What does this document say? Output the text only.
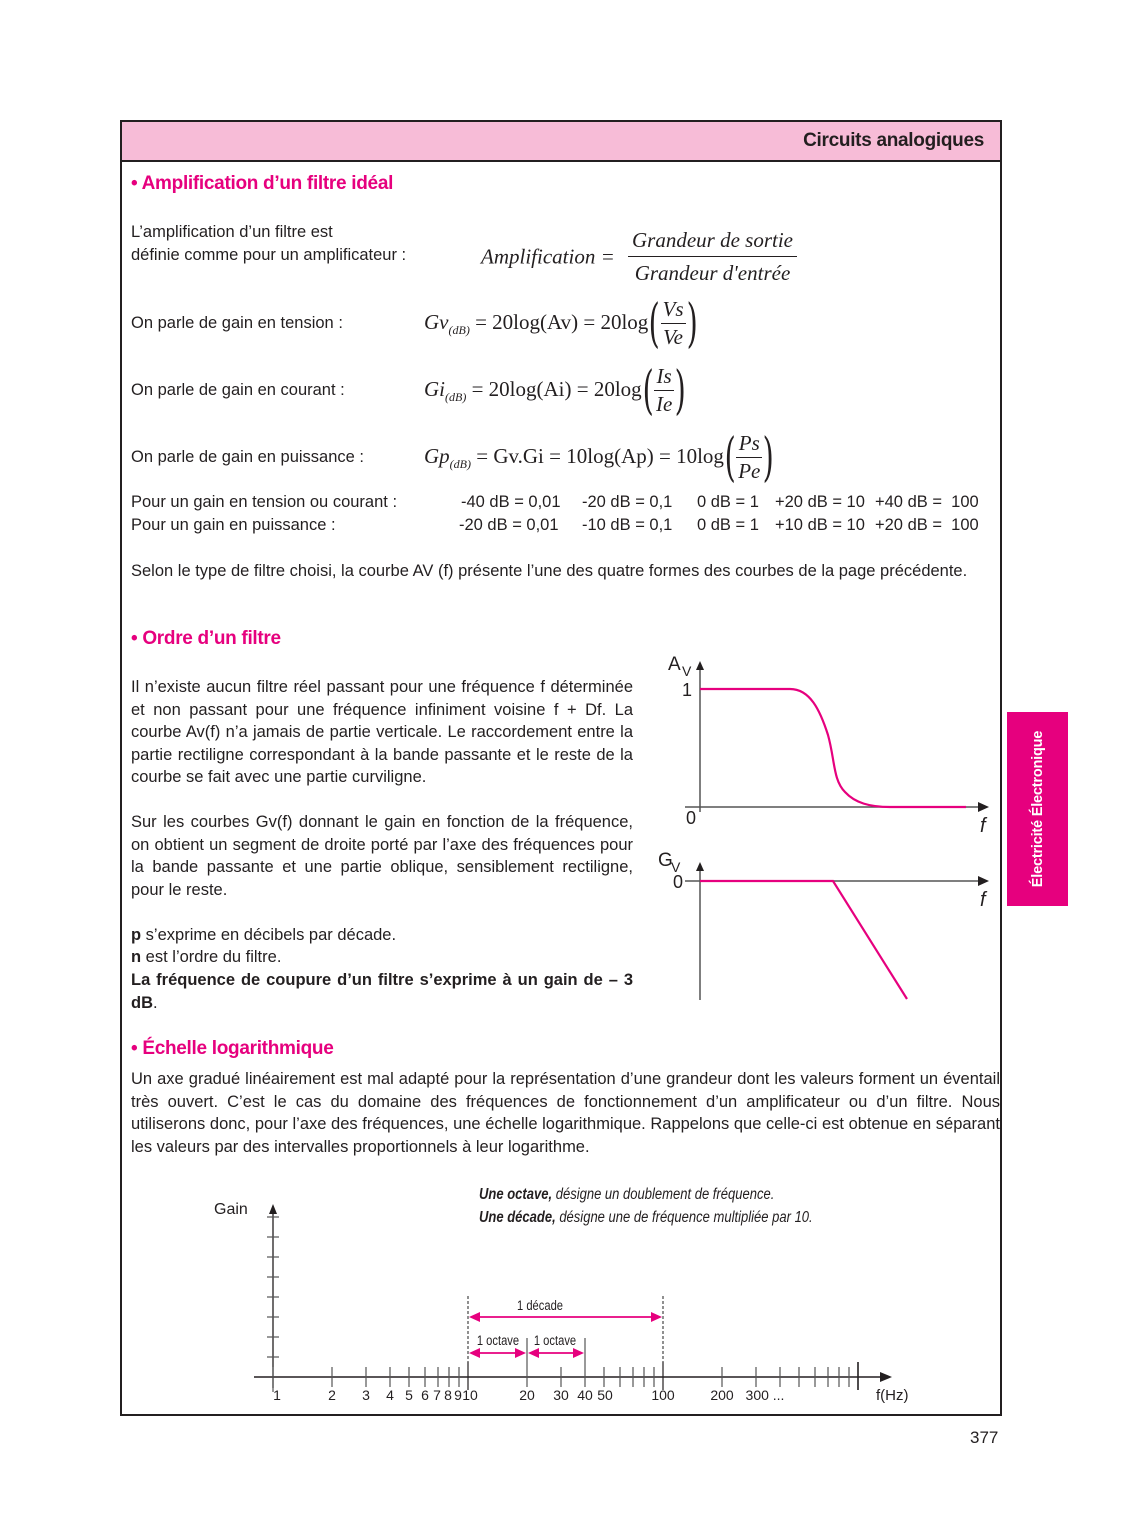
Circuits analogiques
• Amplification d’un filtre idéal
L’amplification d’un filtre est
définie comme pour un amplificateur :	Amplification = $\frac{\text{Grandeur de sortie}}{\text{Grandeur d'entrée}}$
On parle de gain en tension :	$Gv_{(dB)} = 20\log(Av) = 20\log( \frac{Vs}{Ve}$ )
On parle de gain en courant :	$Gi_{(dB)} = 20\log(Ai) = 20\log( \frac{Is}{Ie}$ )
On parle de gain en puissance :	$Gp_{(dB)} = Gv.Gi = 10\log(Ap) = 10\log( \frac{Ps}{Pe}$ )
Pour un gain en tension ou courant :	-40 dB = 0,01 -20 dB = 0,1 0 dB = 1 +20 dB = 10 +40 dB =  100
Pour un gain en puissance :	-20 dB = 0,01 -10 dB = 0,1 0 dB = 1 +10 dB = 10 +20 dB =  100
Selon le type de filtre choisi, la courbe AV (f) présente l’une des quatre formes des courbes de la page précédente.
• Ordre d’un filtre
Il n’existe aucun filtre réel passant pour une fréquence f déterminée et non passant pour une fréquence infiniment voisine f + Df. La courbe Av(f) n’a jamais de partie verticale. Le raccordement entre la partie rectiligne correspondant à la bande passante et le reste de la courbe se fait avec une partie curviligne.
Sur les courbes Gv(f) donnant le gain en fonction de la fréquence, on obtient un segment de droite porté par l’axe des fréquences pour la bande passante et une partie oblique, sensiblement rectiligne, pour le reste.
p s’exprime en décibels par décade.
n est l’ordre du filtre.
La fréquence de coupure d’un filtre s’exprime à un gain de – 3 dB.
A V
1
0	f
G
V
0
f
• Échelle logarithmique
Un axe gradué linéairement est mal adapté pour la représentation d’une grandeur dont les valeurs forment un éventail très ouvert. C’est le cas du domaine des fréquences de fonctionnement d’un amplificateur ou d’un filtre. Nous utiliserons donc, pour l’axe des fréquences, une échelle logarithmique. Rappelons que celle-ci est obtenue en séparant les valeurs par des intervalles proportionnels à leur logarithme.
Une octave, désigne un doublement de fréquence.
Une décade, désigne une de fréquence multipliée par 10.
Gain
1 décade
1 octave 1 octave
1	2 3 4 5 6 7 8 9 10	20 30 40 50	100	200 300 ...	f(Hz)
Électricité Électronique
377
